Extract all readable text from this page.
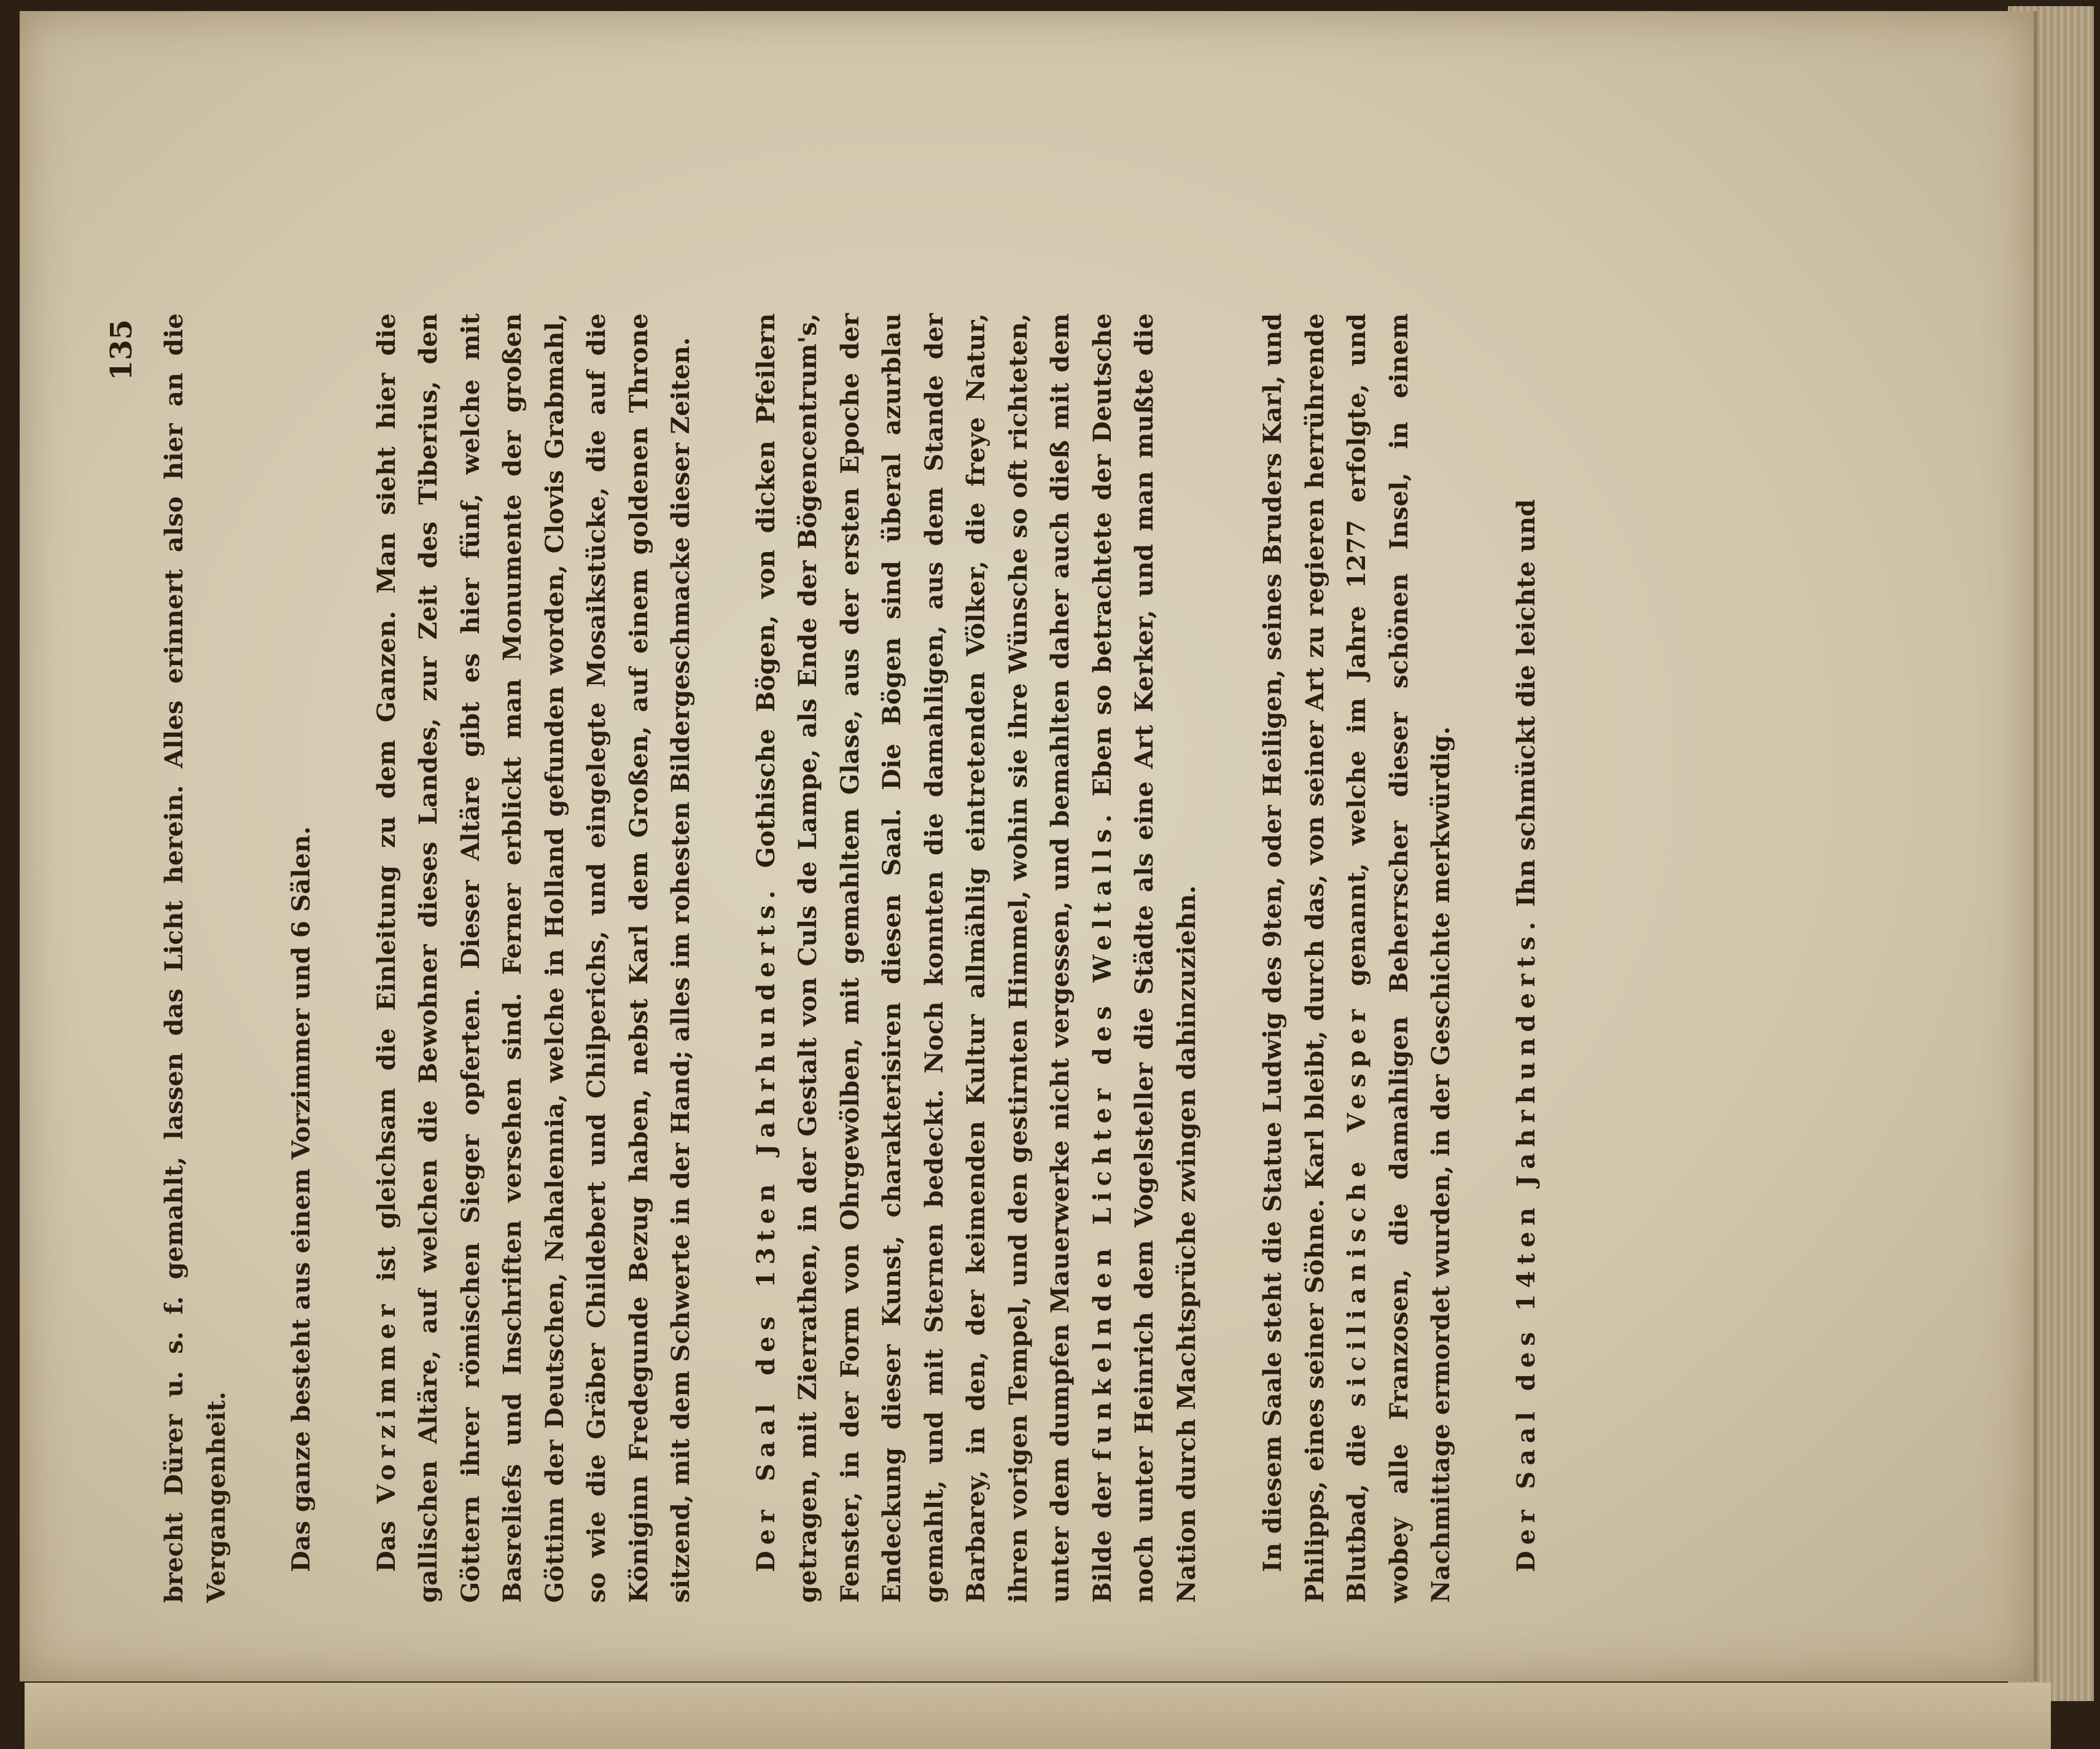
135 brecht Dürer u. s. f. gemahlt, lassen das Licht herein. Alles erinnert also hier an die Vergangenheit. Das ganze besteht aus einem Vorzimmer und 6 Sälen. Das Vorzimmer ist gleichsam die Einleitung zu dem Ganzen. Man sieht hier die gallischen Altäre, auf welchen die Bewohner dieses Landes, zur Zeit des Tiberius, den Göttern ihrer römischen Sieger opferten. Dieser Altäre gibt es hier fünf, welche mit Basreliefs und Inschriften versehen sind. Ferner erblickt man Monumente der großen Göttinn der Deutschen, Nahalennia, welche in Holland gefunden worden, Clovis Grabmahl, so wie die Gräber Childebert und Chilperichs, und eingelegte Mosaikstücke, die auf die Königinn Fredegunde Bezug haben, nebst Karl dem Großen, auf einem goldenen Throne sitzend, mit dem Schwerte in der Hand; alles im rohesten Bildergeschmacke dieser Zeiten. Der Saal des 13ten Jahrhunderts. Gothische Bögen, von dicken Pfeilern getragen, mit Zierrathen, in der Gestalt von Culs de Lampe, als Ende der Bögencentrum's, Fenster, in der Form von Ohrgewölben, mit gemahltem Glase, aus der ersten Epoche der Endeckung dieser Kunst, charakterisiren diesen Saal. Die Bögen sind überal azurblau gemahlt, und mit Sternen bedeckt. Noch konnten die damahligen, aus dem Stande der Barbarey, in den, der keimenden Kultur allmählig eintretenden Völker, die freye Natur, ihren vorigen Tempel, und den gestirnten Himmel, wohin sie ihre Wünsche so oft richteten, unter dem dumpfen Mauerwerke nicht vergessen, und bemahlten daher auch dieß mit dem Bilde der funkelnden Lichter des Weltalls. Eben so betrachtete der Deutsche noch unter Heinrich dem Vogelsteller die Städte als eine Art Kerker, und man mußte die Nation durch Machtsprüche zwingen dahinzuziehn. In diesem Saale steht die Statue Ludwig des 9ten, oder Heiligen, seines Bruders Karl, und Philipps, eines seiner Söhne. Karl bleibt, durch das, von seiner Art zu regieren herrührende Blutbad, die sicilianische Vesper genannt, welche im Jahre 1277 erfolgte, und wobey alle Franzosen, die damahligen Beherrscher dieser schönen Insel, in einem Nachmittage ermordet wurden, in der Geschichte merkwürdig. Der Saal des 14ten Jahrhunderts. Ihn schmückt die leichte und
